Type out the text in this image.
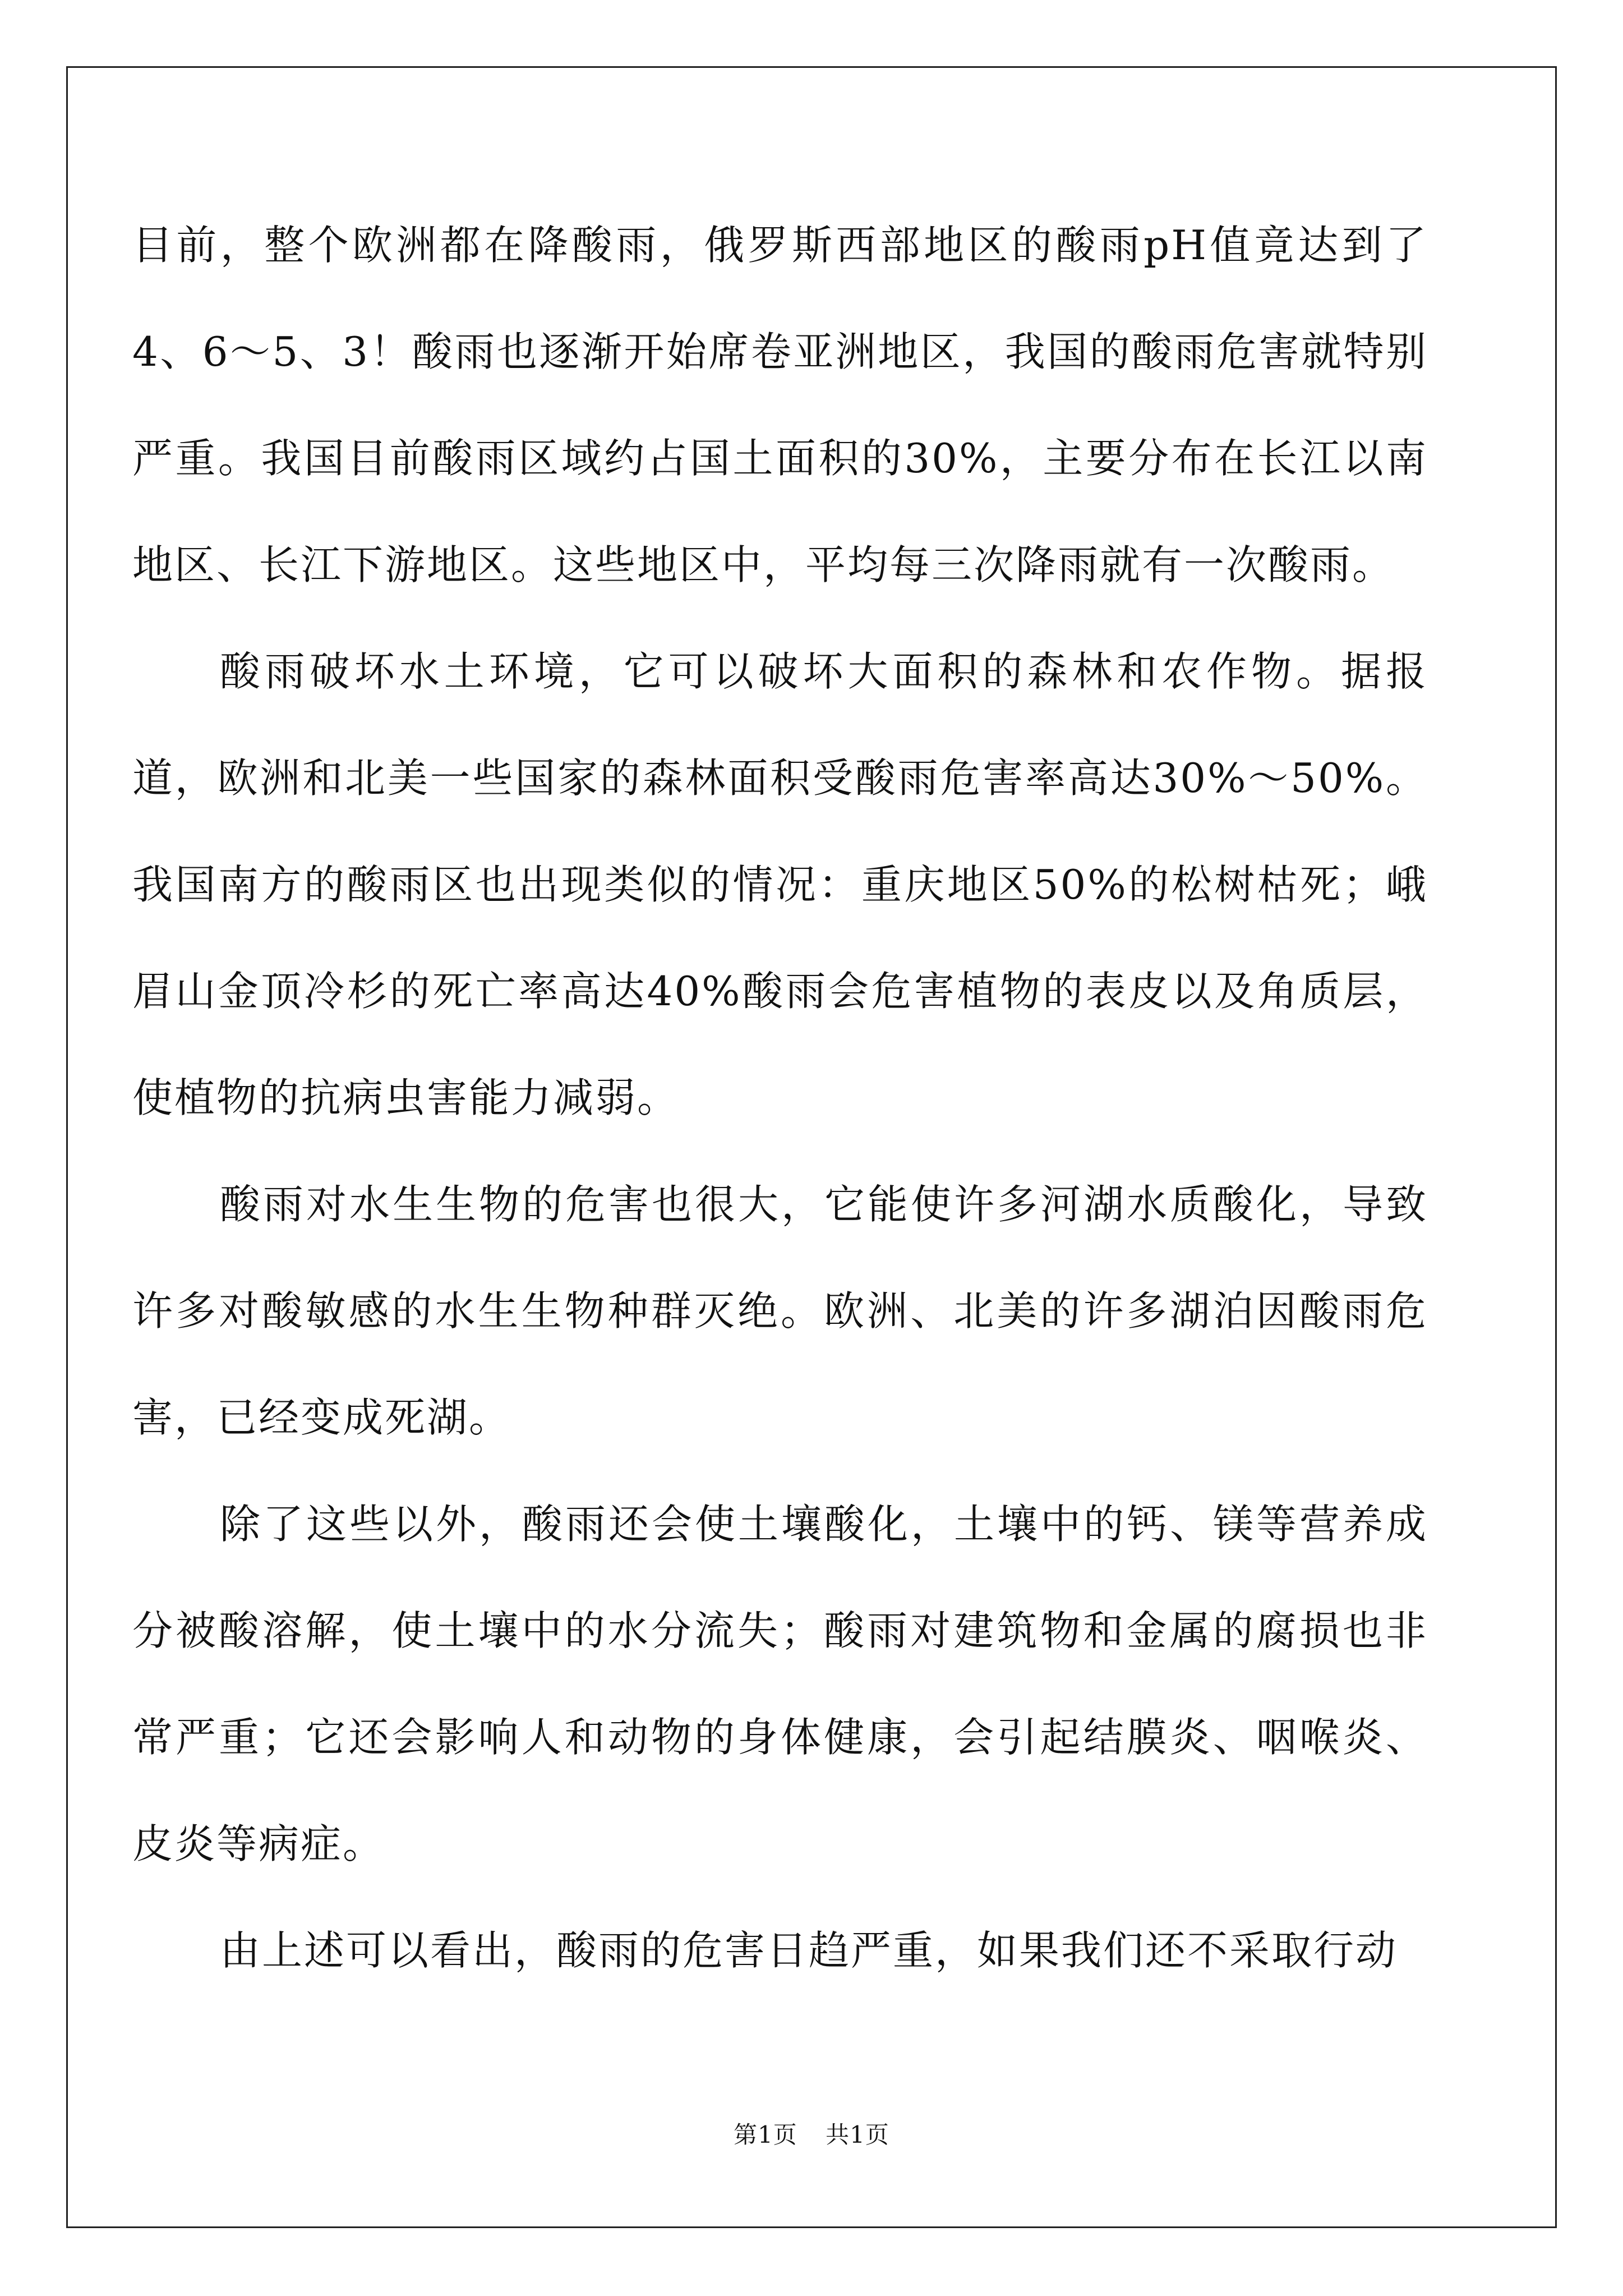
目前，整个欧洲都在降酸雨，俄罗斯西部地区的酸雨pH值竟达到了4、6～5、3！酸雨也逐渐开始席卷亚洲地区，我国的酸雨危害就特别严重。我国目前酸雨区域约占国土面积的30%，主要分布在长江以南地区、长江下游地区。这些地区中，平均每三次降雨就有一次酸雨。

酸雨破坏水土环境，它可以破坏大面积的森林和农作物。据报道，欧洲和北美一些国家的森林面积受酸雨危害率高达30%～50%。我国南方的酸雨区也出现类似的情况：重庆地区50%的松树枯死；峨眉山金顶冷杉的死亡率高达40%酸雨会危害植物的表皮以及角质层，使植物的抗病虫害能力减弱。

酸雨对水生生物的危害也很大，它能使许多河湖水质酸化，导致许多对酸敏感的水生生物种群灭绝。欧洲、北美的许多湖泊因酸雨危害，已经变成死湖。

除了这些以外，酸雨还会使土壤酸化，土壤中的钙、镁等营养成分被酸溶解，使土壤中的水分流失；酸雨对建筑物和金属的腐损也非常严重；它还会影响人和动物的身体健康，会引起结膜炎、咽喉炎、皮炎等病症。

由上述可以看出，酸雨的危害日趋严重，如果我们还不采取行动

第1页 共1页
